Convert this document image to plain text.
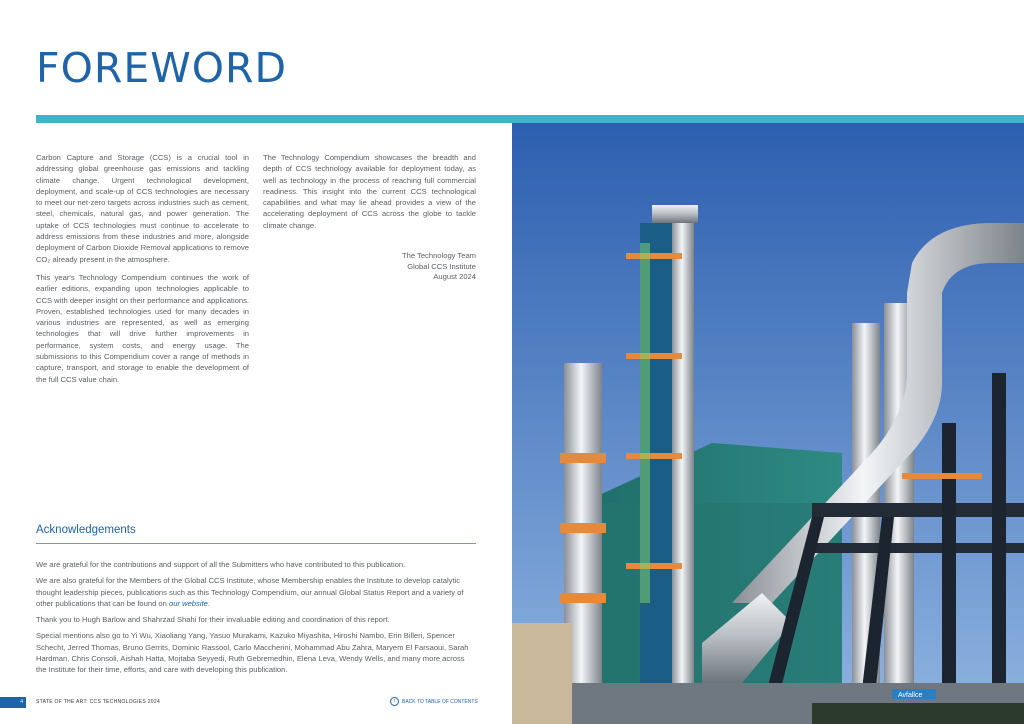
FOREWORD

Carbon Capture and Storage (CCS) is a crucial tool in addressing global greenhouse gas emissions and tackling climate change. Urgent technological development, deployment, and scale-up of CCS technologies are necessary to meet our net-zero targets across industries such as cement, steel, chemicals, natural gas, and power generation. The uptake of CCS technologies must continue to accelerate to address emissions from these industries and more, alongside deployment of Carbon Dioxide Removal applications to remove CO₂ already present in the atmosphere.

This year's Technology Compendium continues the work of earlier editions, expanding upon technologies applicable to CCS with deeper insight on their performance and applications. Proven, established technologies used for many decades in various industries are represented, as well as emerging technologies that will drive further improvements in performance, system costs, and energy usage. The submissions to this Compendium cover a range of methods in capture, transport, and storage to enable the development of the full CCS value chain.

The Technology Compendium showcases the breadth and depth of CCS technology available for deployment today, as well as technology in the process of reaching full commercial readiness. This insight into the current CCS technological capabilities and what may lie ahead provides a view of the accelerating deployment of CCS across the globe to tackle climate change.

The Technology Team
Global CCS Institute
August 2024
Acknowledgements

We are grateful for the contributions and support of all the Submitters who have contributed to this publication.

We are also grateful for the Members of the Global CCS Institute, whose Membership enables the Institute to develop catalytic thought leadership pieces, publications such as this Technology Compendium, our annual Global Status Report and a variety of other publications that can be found on our website.

Thank you to Hugh Barlow and Shahrzad Shahi for their invaluable editing and coordination of this report.

Special mentions also go to Yi Wu, Xiaoliang Yang, Yasuo Murakami, Kazuko Miyashita, Hiroshi Nambo, Erin Billeri, Spencer Schecht, Jerred Thomas, Bruno Gerrits, Dominic Rassool, Carlo Maccherini, Mohammad Abu Zahra, Maryem El Farsaoui, Sarah Hardman, Chris Consoli, Aishah Hatta, Mojtaba Seyyedi, Ruth Gebremedhin, Elena Leva, Wendy Wells, and many more across the Institute for their time, efforts, and care with developing this publication.

4	STATE OF THE ART: CCS TECHNOLOGIES 2024	‹	BACK TO TABLE OF CONTENTS
Avfallce
